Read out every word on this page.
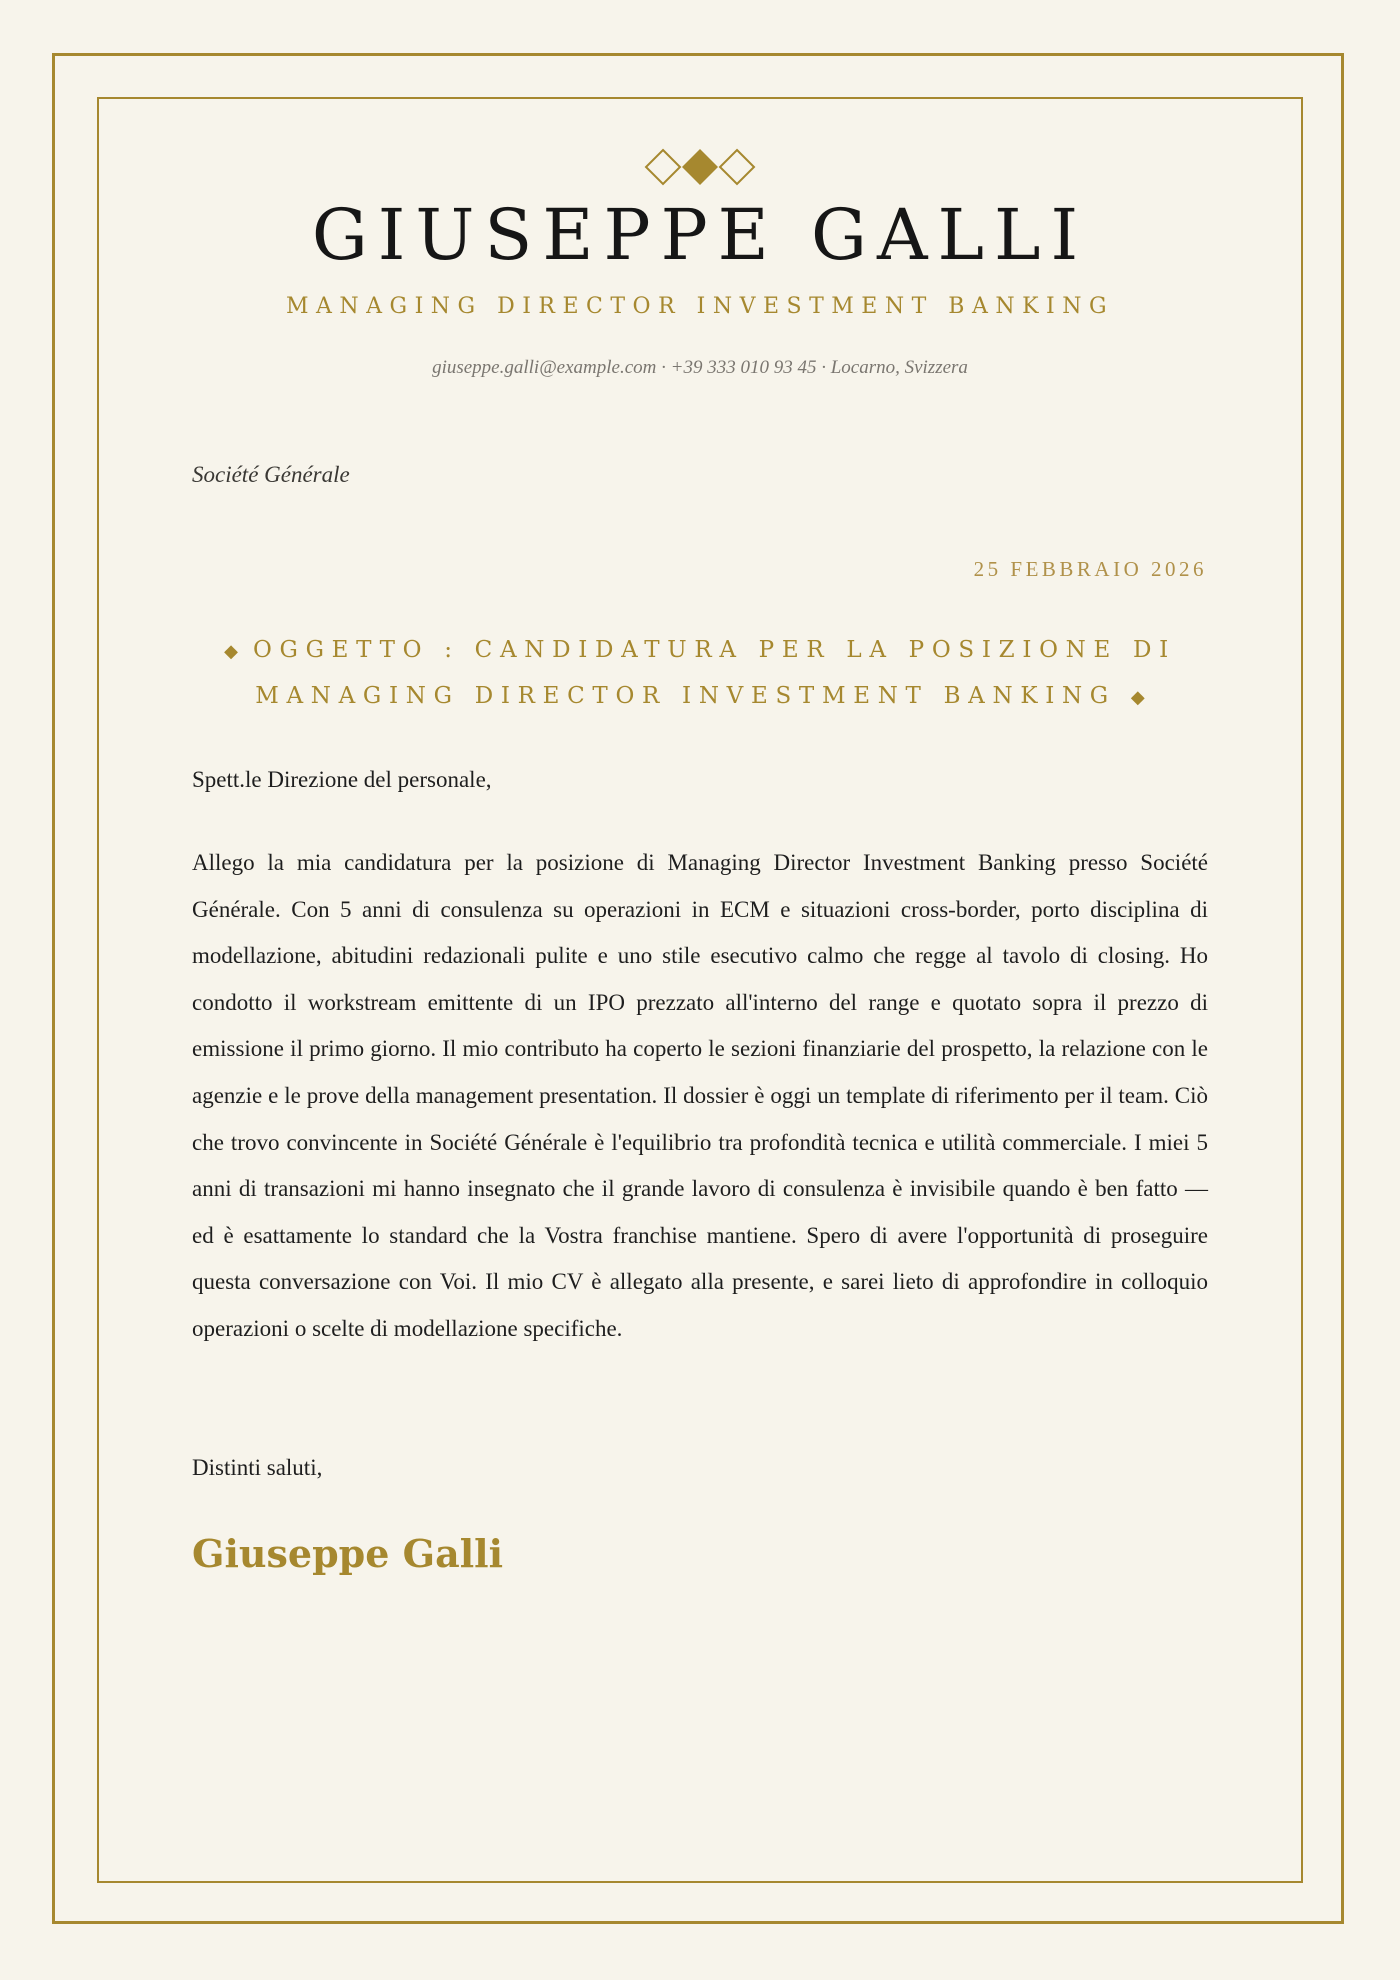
GIUSEPPE GALLI
MANAGING DIRECTOR INVESTMENT BANKING
giuseppe.galli@example.com · +39 333 010 93 45 · Locarno, Svizzera
Société Générale
25 FEBBRAIO 2026
◆ OGGETTO : CANDIDATURA PER LA POSIZIONE DI MANAGING DIRECTOR INVESTMENT BANKING ◆
Spett.le Direzione del personale,

Allego la mia candidatura per la posizione di Managing Director Investment Banking presso Société Générale. Con 5 anni di consulenza su operazioni in ECM e situazioni cross-border, porto disciplina di modellazione, abitudini redazionali pulite e uno stile esecutivo calmo che regge al tavolo di closing. Ho condotto il workstream emittente di un IPO prezzato all'interno del range e quotato sopra il prezzo di emissione il primo giorno. Il mio contributo ha coperto le sezioni finanziarie del prospetto, la relazione con le agenzie e le prove della management presentation. Il dossier è oggi un template di riferimento per il team. Ciò che trovo convincente in Société Générale è l'equilibrio tra profondità tecnica e utilità commerciale. I miei 5 anni di transazioni mi hanno insegnato che il grande lavoro di consulenza è invisibile quando è ben fatto — ed è esattamente lo standard che la Vostra franchise mantiene. Spero di avere l'opportunità di proseguire questa conversazione con Voi. Il mio CV è allegato alla presente, e sarei lieto di approfondire in colloquio operazioni o scelte di modellazione specifiche.

Distinti saluti,
Giuseppe Galli
